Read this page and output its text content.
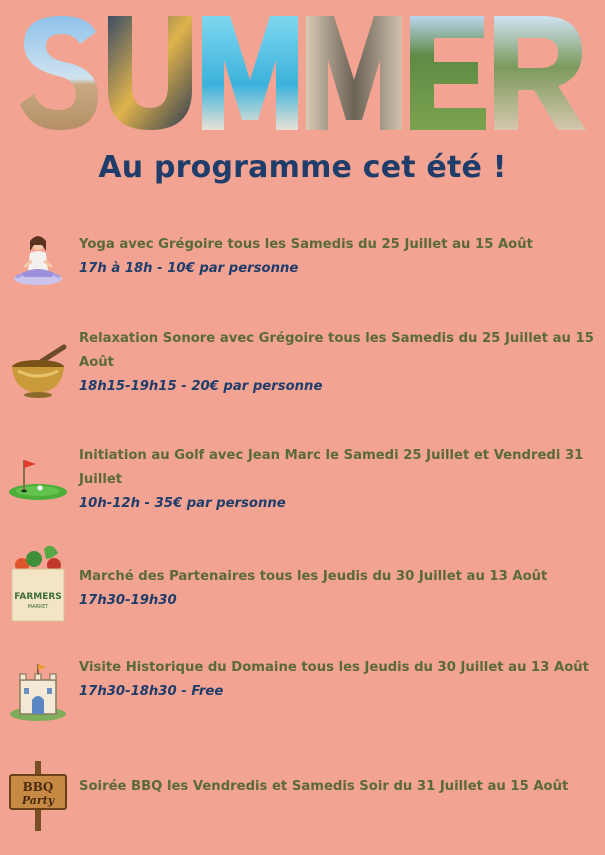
Au programme cet été !
Yoga avec Grégoire tous les Samedis du 25 Juillet au 15 Août
17h à 18h - 10€ par personne
Relaxation Sonore avec Grégoire tous les Samedis du 25 Juillet au 15 Août
18h15-19h15 - 20€ par personne
Initiation au Golf avec Jean Marc le Samedi 25 Juillet et Vendredi 31 Juillet
10h-12h - 35€ par personne
FARMERS
MARKET
Marché des Partenaires tous les Jeudis du 30 Juillet au 13 Août
17h30-19h30
Visite Historique du Domaine tous les Jeudis du 30 Juillet au 13 Août
17h30-18h30 - Free
BBQ
Party
Soirée BBQ les Vendredis et Samedis Soir du 31 Juillet au 15 Août
